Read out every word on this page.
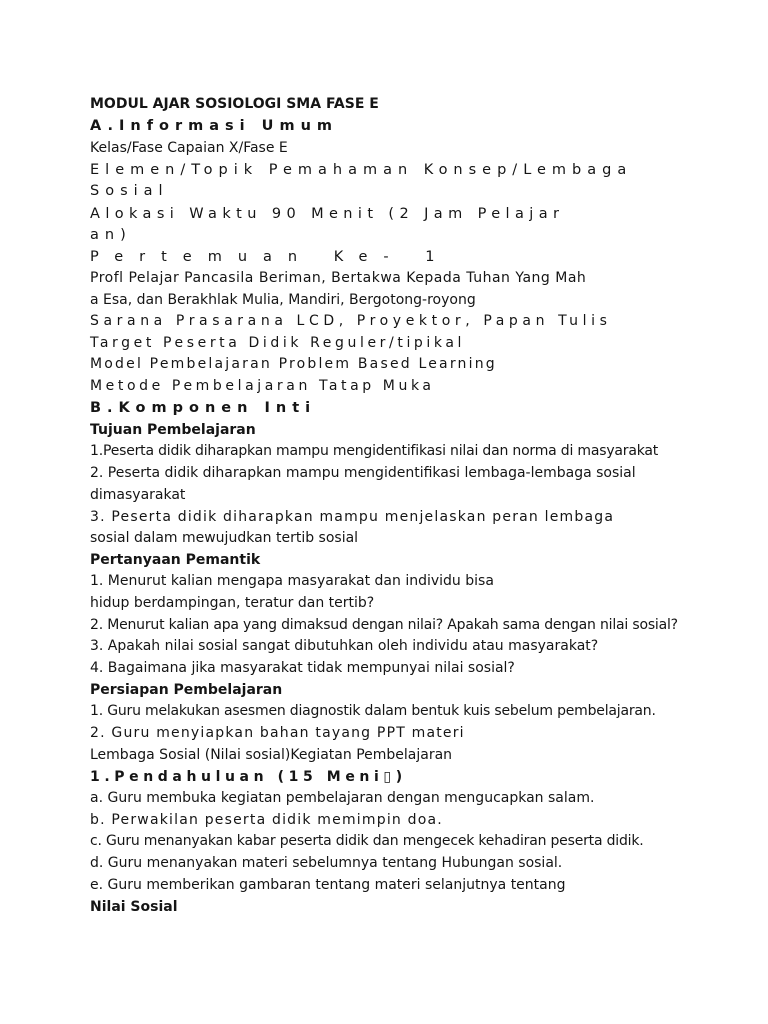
MODUL AJAR SOSIOLOGI SMA FASE E

A.Informasi Umum

Kelas/Fase Capaian X/Fase E

Elemen/Topik Pemahaman Konsep/Lembaga

Sosial

Alokasi Waktu 90 Menit (2 Jam Pelajar

an)

Pertemuan Ke- 1

Profl Pelajar Pancasila Beriman, Bertakwa Kepada Tuhan Yang Mah

a Esa, dan Berakhlak Mulia, Mandiri, Bergotong-royong

Sarana Prasarana LCD, Proyektor, Papan Tulis

Target Peserta Didik Reguler/tipikal

Model Pembelajaran Problem Based Learning

Metode Pembelajaran Tatap Muka

B.Komponen Inti

Tujuan Pembelajaran

1.Peserta didik diharapkan mampu mengidentifikasi nilai dan norma di masyarakat

2. Peserta didik diharapkan mampu mengidentifikasi lembaga-lembaga sosial

dimasyarakat

3. Peserta didik diharapkan mampu menjelaskan peran lembaga

sosial dalam mewujudkan tertib sosial

Pertanyaan Pemantik

1. Menurut kalian mengapa masyarakat dan individu bisa

hidup berdampingan, teratur dan tertib?

2. Menurut kalian apa yang dimaksud dengan nilai? Apakah sama dengan nilai sosial?

3. Apakah nilai sosial sangat dibutuhkan oleh individu atau masyarakat?

4. Bagaimana jika masyarakat tidak mempunyai nilai sosial?

Persiapan Pembelajaran

1. Guru melakukan asesmen diagnostik dalam bentuk kuis sebelum pembelajaran.

2. Guru menyiapkan bahan tayang PPT materi

Lembaga Sosial (Nilai sosial)Kegiatan Pembelajaran

1.Pendahuluan (15 Meni▯)

a. Guru membuka kegiatan pembelajaran dengan mengucapkan salam.

b. Perwakilan peserta didik memimpin doa.

c. Guru menanyakan kabar peserta didik dan mengecek kehadiran peserta didik.

d. Guru menanyakan materi sebelumnya tentang Hubungan sosial.

e. Guru memberikan gambaran tentang materi selanjutnya tentang

Nilai Sosial
